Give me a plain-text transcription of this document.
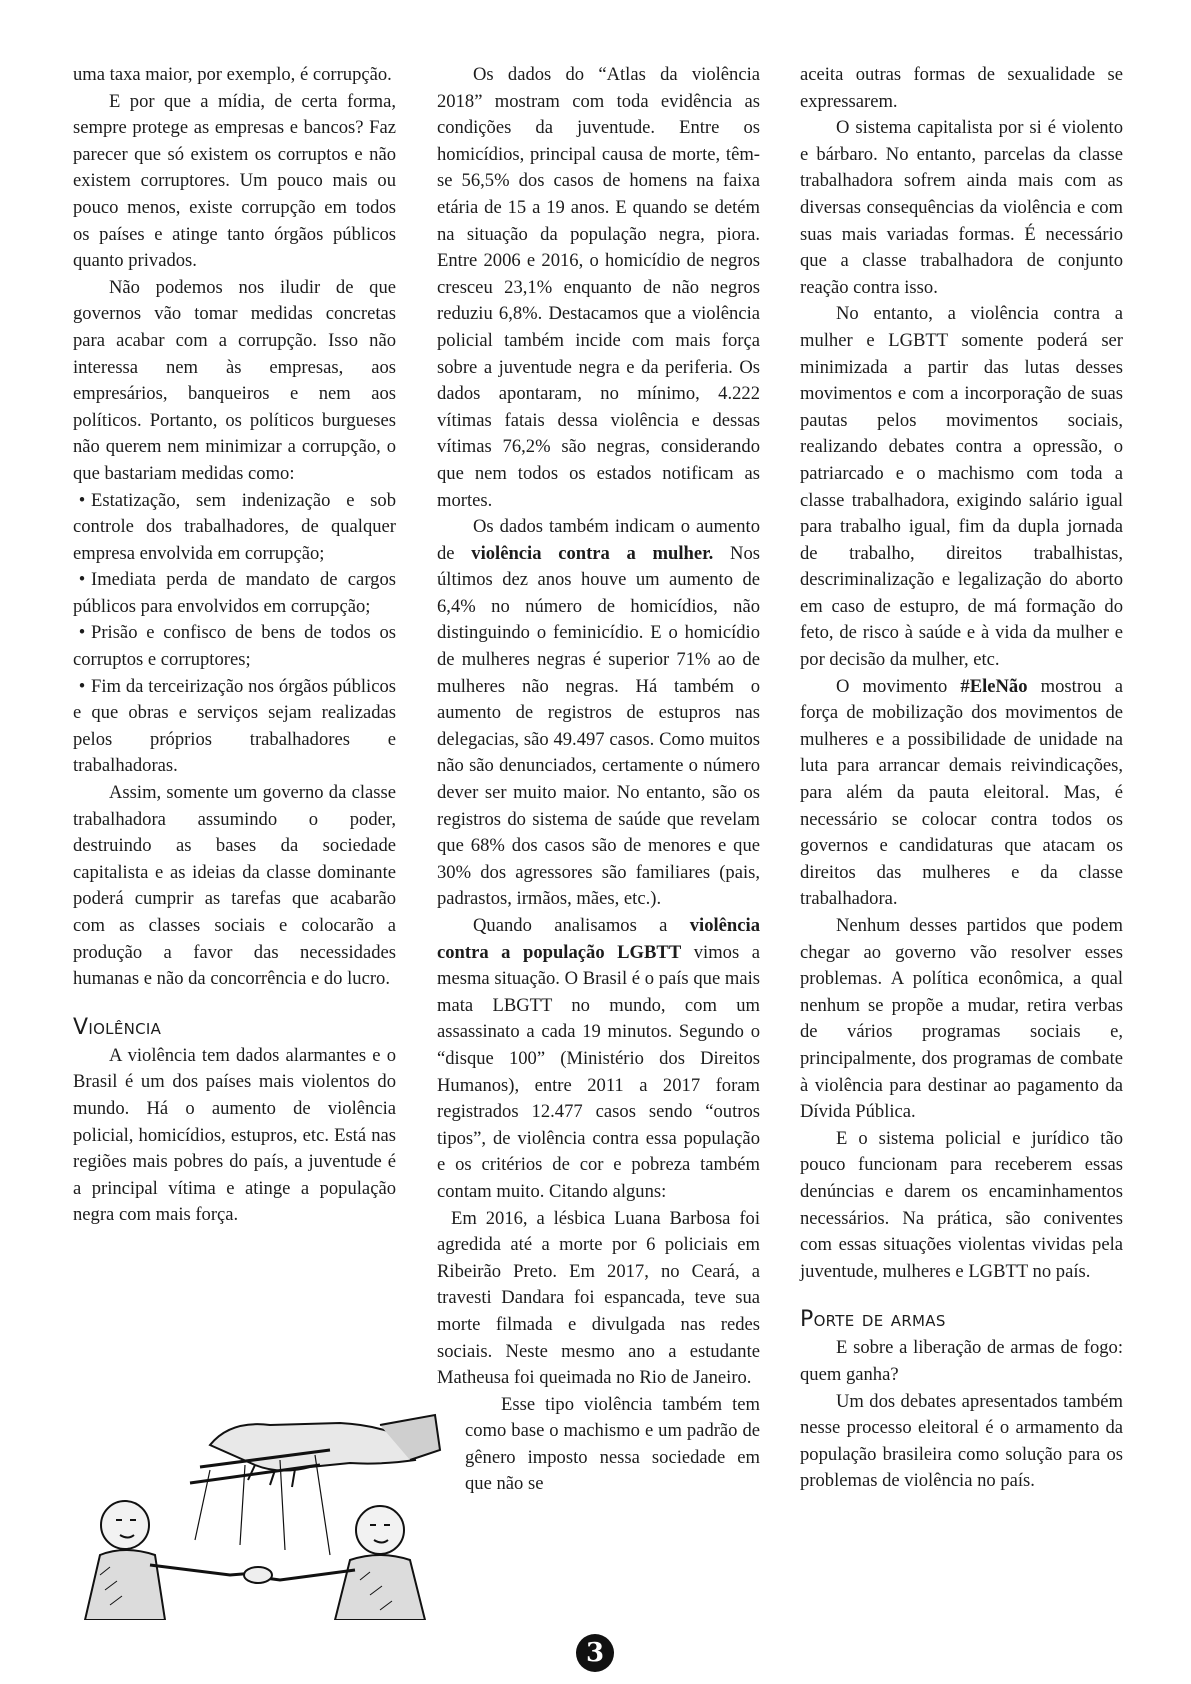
uma taxa maior, por exemplo, é corrupção.

E por que a mídia, de certa forma, sempre protege as empresas e bancos? Faz parecer que só existem os corruptos e não existem corruptores. Um pouco mais ou pouco menos, existe corrupção em todos os países e atinge tanto órgãos públicos quanto privados.

Não podemos nos iludir de que governos vão tomar medidas concretas para acabar com a corrupção. Isso não interessa nem às empresas, aos empresários, banqueiros e nem aos políticos. Portanto, os políticos burgueses não querem nem minimizar a corrupção, o que bastariam medidas como:

• Estatização, sem indenização e sob controle dos trabalhadores, de qualquer empresa envolvida em corrupção;

• Imediata perda de mandato de cargos públicos para envolvidos em corrupção;

• Prisão e confisco de bens de todos os corruptos e corruptores;

• Fim da terceirização nos órgãos públicos e que obras e serviços sejam realizadas pelos próprios trabalhadores e trabalhadoras.

Assim, somente um governo da classe trabalhadora assumindo o poder, destruindo as bases da sociedade capitalista e as ideias da classe dominante poderá cumprir as tarefas que acabarão com as classes sociais e colocarão a produção a favor das necessidades humanas e não da concorrência e do lucro.

Violência

A violência tem dados alarmantes e o Brasil é um dos países mais violentos do mundo. Há o aumento de violência policial, homicídios, estupros, etc. Está nas regiões mais pobres do país, a juventude é a principal vítima e atinge a população negra com mais força.

Os dados do “Atlas da violência 2018” mostram com toda evidência as condições da juventude. Entre os homicídios, principal causa de morte, têm-se 56,5% dos casos de homens na faixa etária de 15 a 19 anos. E quando se detém na situação da população negra, piora. Entre 2006 e 2016, o homicídio de negros cresceu 23,1% enquanto de não negros reduziu 6,8%. Destacamos que a violência policial também incide com mais força sobre a juventude negra e da periferia. Os dados apontaram, no mínimo, 4.222 vítimas fatais dessa violência e dessas vítimas 76,2% são negras, considerando que nem todos os estados notificam as mortes.

Os dados também indicam o aumento de violência contra a mulher. Nos últimos dez anos houve um aumento de 6,4% no número de homicídios, não distinguindo o feminicídio. E o homicídio de mulheres negras é superior 71% ao de mulheres não negras. Há também o aumento de registros de estupros nas delegacias, são 49.497 casos. Como muitos não são denunciados, certamente o número dever ser muito maior. No entanto, são os registros do sistema de saúde que revelam que 68% dos casos são de menores e que 30% dos agressores são familiares (pais, padrastos, irmãos, mães, etc.).

Quando analisamos a violência contra a população LGBTT vimos a mesma situação. O Brasil é o país que mais mata LBGTT no mundo, com um assassinato a cada 19 minutos. Segundo o “disque 100” (Ministério dos Direitos Humanos), entre 2011 a 2017 foram registrados 12.477 casos sendo “outros tipos”, de violência contra essa população e os critérios de cor e pobreza também contam muito. Citando alguns:

Em 2016, a lésbica Luana Barbosa foi agredida até a morte por 6 policiais em Ribeirão Preto. Em 2017, no Ceará, a travesti Dandara foi espancada, teve sua morte filmada e divulgada nas redes sociais. Neste mesmo ano a estudante Matheusa foi queimada no Rio de Janeiro.

Esse tipo violência também tem como base o machismo e um padrão de gênero imposto nessa sociedade em que não se

aceita outras formas de sexualidade se expressarem.

O sistema capitalista por si é violento e bárbaro. No entanto, parcelas da classe trabalhadora sofrem ainda mais com as diversas consequências da violência e com suas mais variadas formas. É necessário que a classe trabalhadora de conjunto reação contra isso.

No entanto, a violência contra a mulher e LGBTT somente poderá ser minimizada a partir das lutas desses movimentos e com a incorporação de suas pautas pelos movimentos sociais, realizando debates contra a opressão, o patriarcado e o machismo com toda a classe trabalhadora, exigindo salário igual para trabalho igual, fim da dupla jornada de trabalho, direitos trabalhistas, descriminalização e legalização do aborto em caso de estupro, de má formação do feto, de risco à saúde e à vida da mulher e por decisão da mulher, etc.

O movimento #EleNão mostrou a força de mobilização dos movimentos de mulheres e a possibilidade de unidade na luta para arrancar demais reivindicações, para além da pauta eleitoral. Mas, é necessário se colocar contra todos os governos e candidaturas que atacam os direitos das mulheres e da classe trabalhadora.

Nenhum desses partidos que podem chegar ao governo vão resolver esses problemas. A política econômica, a qual nenhum se propõe a mudar, retira verbas de vários programas sociais e, principalmente, dos programas de combate à violência para destinar ao pagamento da Dívida Pública.

E o sistema policial e jurídico tão pouco funcionam para receberem essas denúncias e darem os encaminhamentos necessários. Na prática, são coniventes com essas situações violentas vividas pela juventude, mulheres e LGBTT no país.

Porte de armas

E sobre a liberação de armas de fogo: quem ganha?

Um dos debates apresentados também nesse processo eleitoral é o armamento da população brasileira como solução para os problemas de violência no país.

3
